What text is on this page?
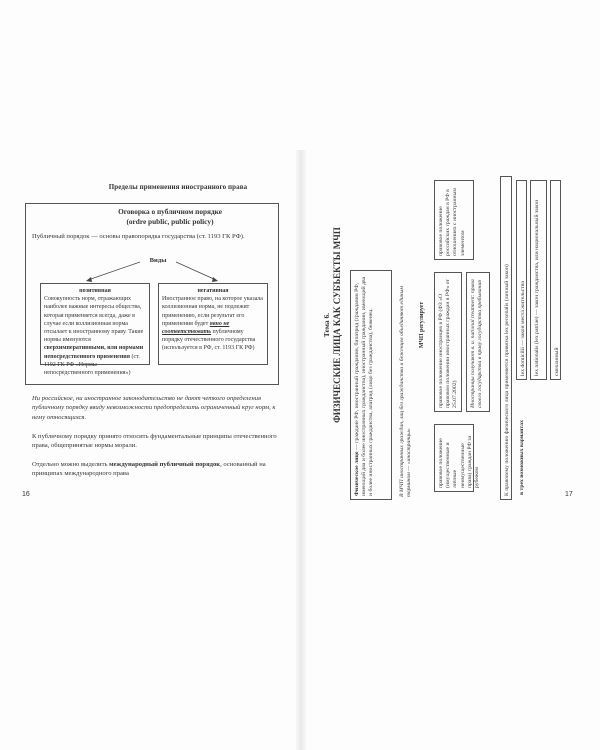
Пределы применения иностранного права
Оговорка о публичном порядке
(ordre public, public policy)
Публичный порядок — основы правопорядка государства (ст. 1193 ГК РФ).
Виды
позитивная
Совокупность норм, отражающих наиболее важные интересы общества, которая применяется всегда, даже в случае если коллизионная норма отсылает к иностранному праву. Такие нормы именуются сверхимперативными, или нормами непосредственного применения (ст. 1192 ГК РФ «Нормы непосредственного применения»)
негативная
Иностранное право, на которое указала коллизионная норма, не подлежит применению, если результат его применения будет явно не соответствовать публичному порядку отечественного государства (используется в РФ, ст. 1193 ГК РФ)
Ни российское, ни иностранное законодательство не дают четкого определения публичному порядку ввиду невозможности предопределить ограниченный круг норм, к нему относящихся.
К публичному порядку принято относить фундаментальные принципы отечественного права, общепринятые нормы морали.
Отдельно можно выделить международный публичный порядок, основанный на принципах международного права
16
Тема 6. ФИЗИЧЕСКИЕ ЛИЦА КАК СУБЪЕКТЫ МЧП
Физическое лицо — граждане РФ, иностранный гражданин, бипатрид (гражданин РФ, имеющий два и более иностранных гражданства), иностранный гражданин, имеющий два и более иностранных гражданства, апатрид (лицо без гражданства), беженец.	В МЧП иностранных граждан, лиц без гражданства и беженцев объединяют единым термином — «иностранцы»
МЧП регулирует
правовое положение (имущественные и личные неимущественные права) граждан РФ за рубежом
правовое положение иностранцев в РФ (ФЗ «О правовом положении иностранных граждан в РФ» от 25.07.2002)	Иностранцы получают в. и. national treatment: права своего государства в праву государства пребывания
правовое положение российских граждан в РФ в отношениях с иностранным элементом
К правовому положению физического лица применяется привязка lex personalis (личный закон)	в трех возможных вариантах
lex domicilii — закон места жительства	lex nationalis (lex patriae) — закон гражданства, или национальный закон	смешанный
17
